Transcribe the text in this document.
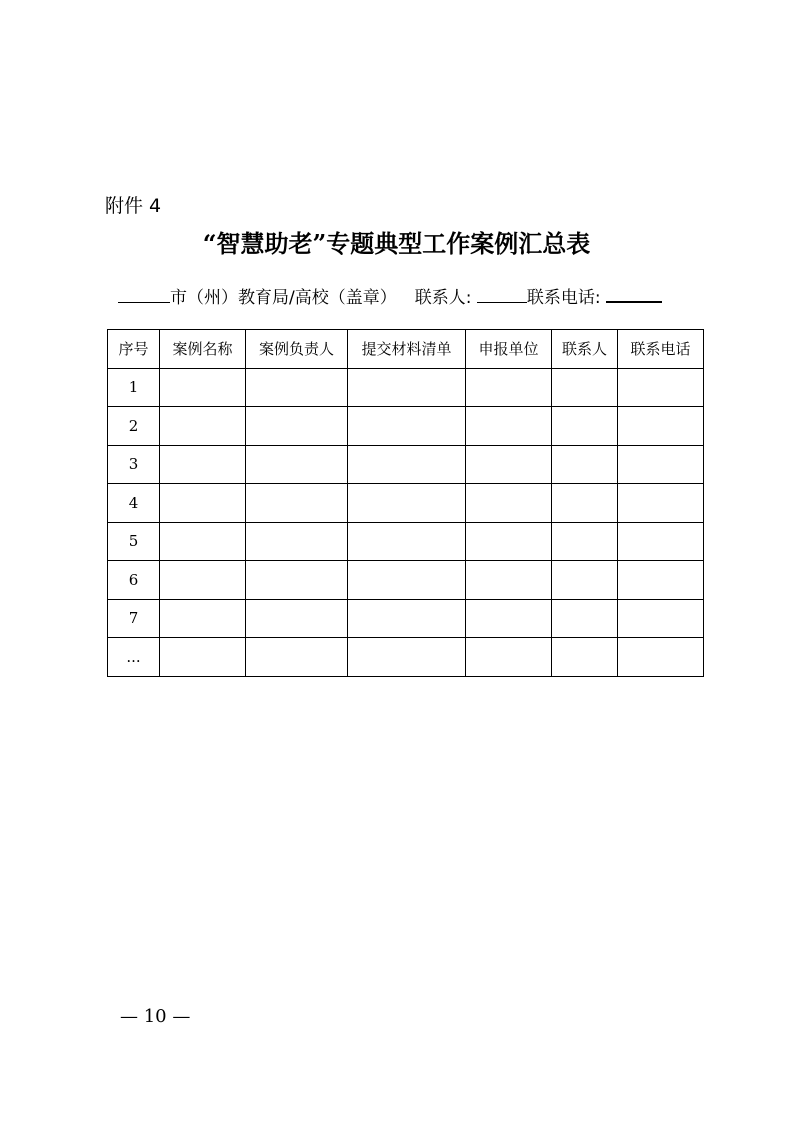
附件 4
“智慧助老”专题典型工作案例汇总表
市（州）教育局/高校（盖章） 联系人:	联系电话:
序号	案例名称	案例负责人	提交材料清单	申报单位	联系人	联系电话
1						
2						
3						
4						
5						
6						
7						
...						
— 10 —
